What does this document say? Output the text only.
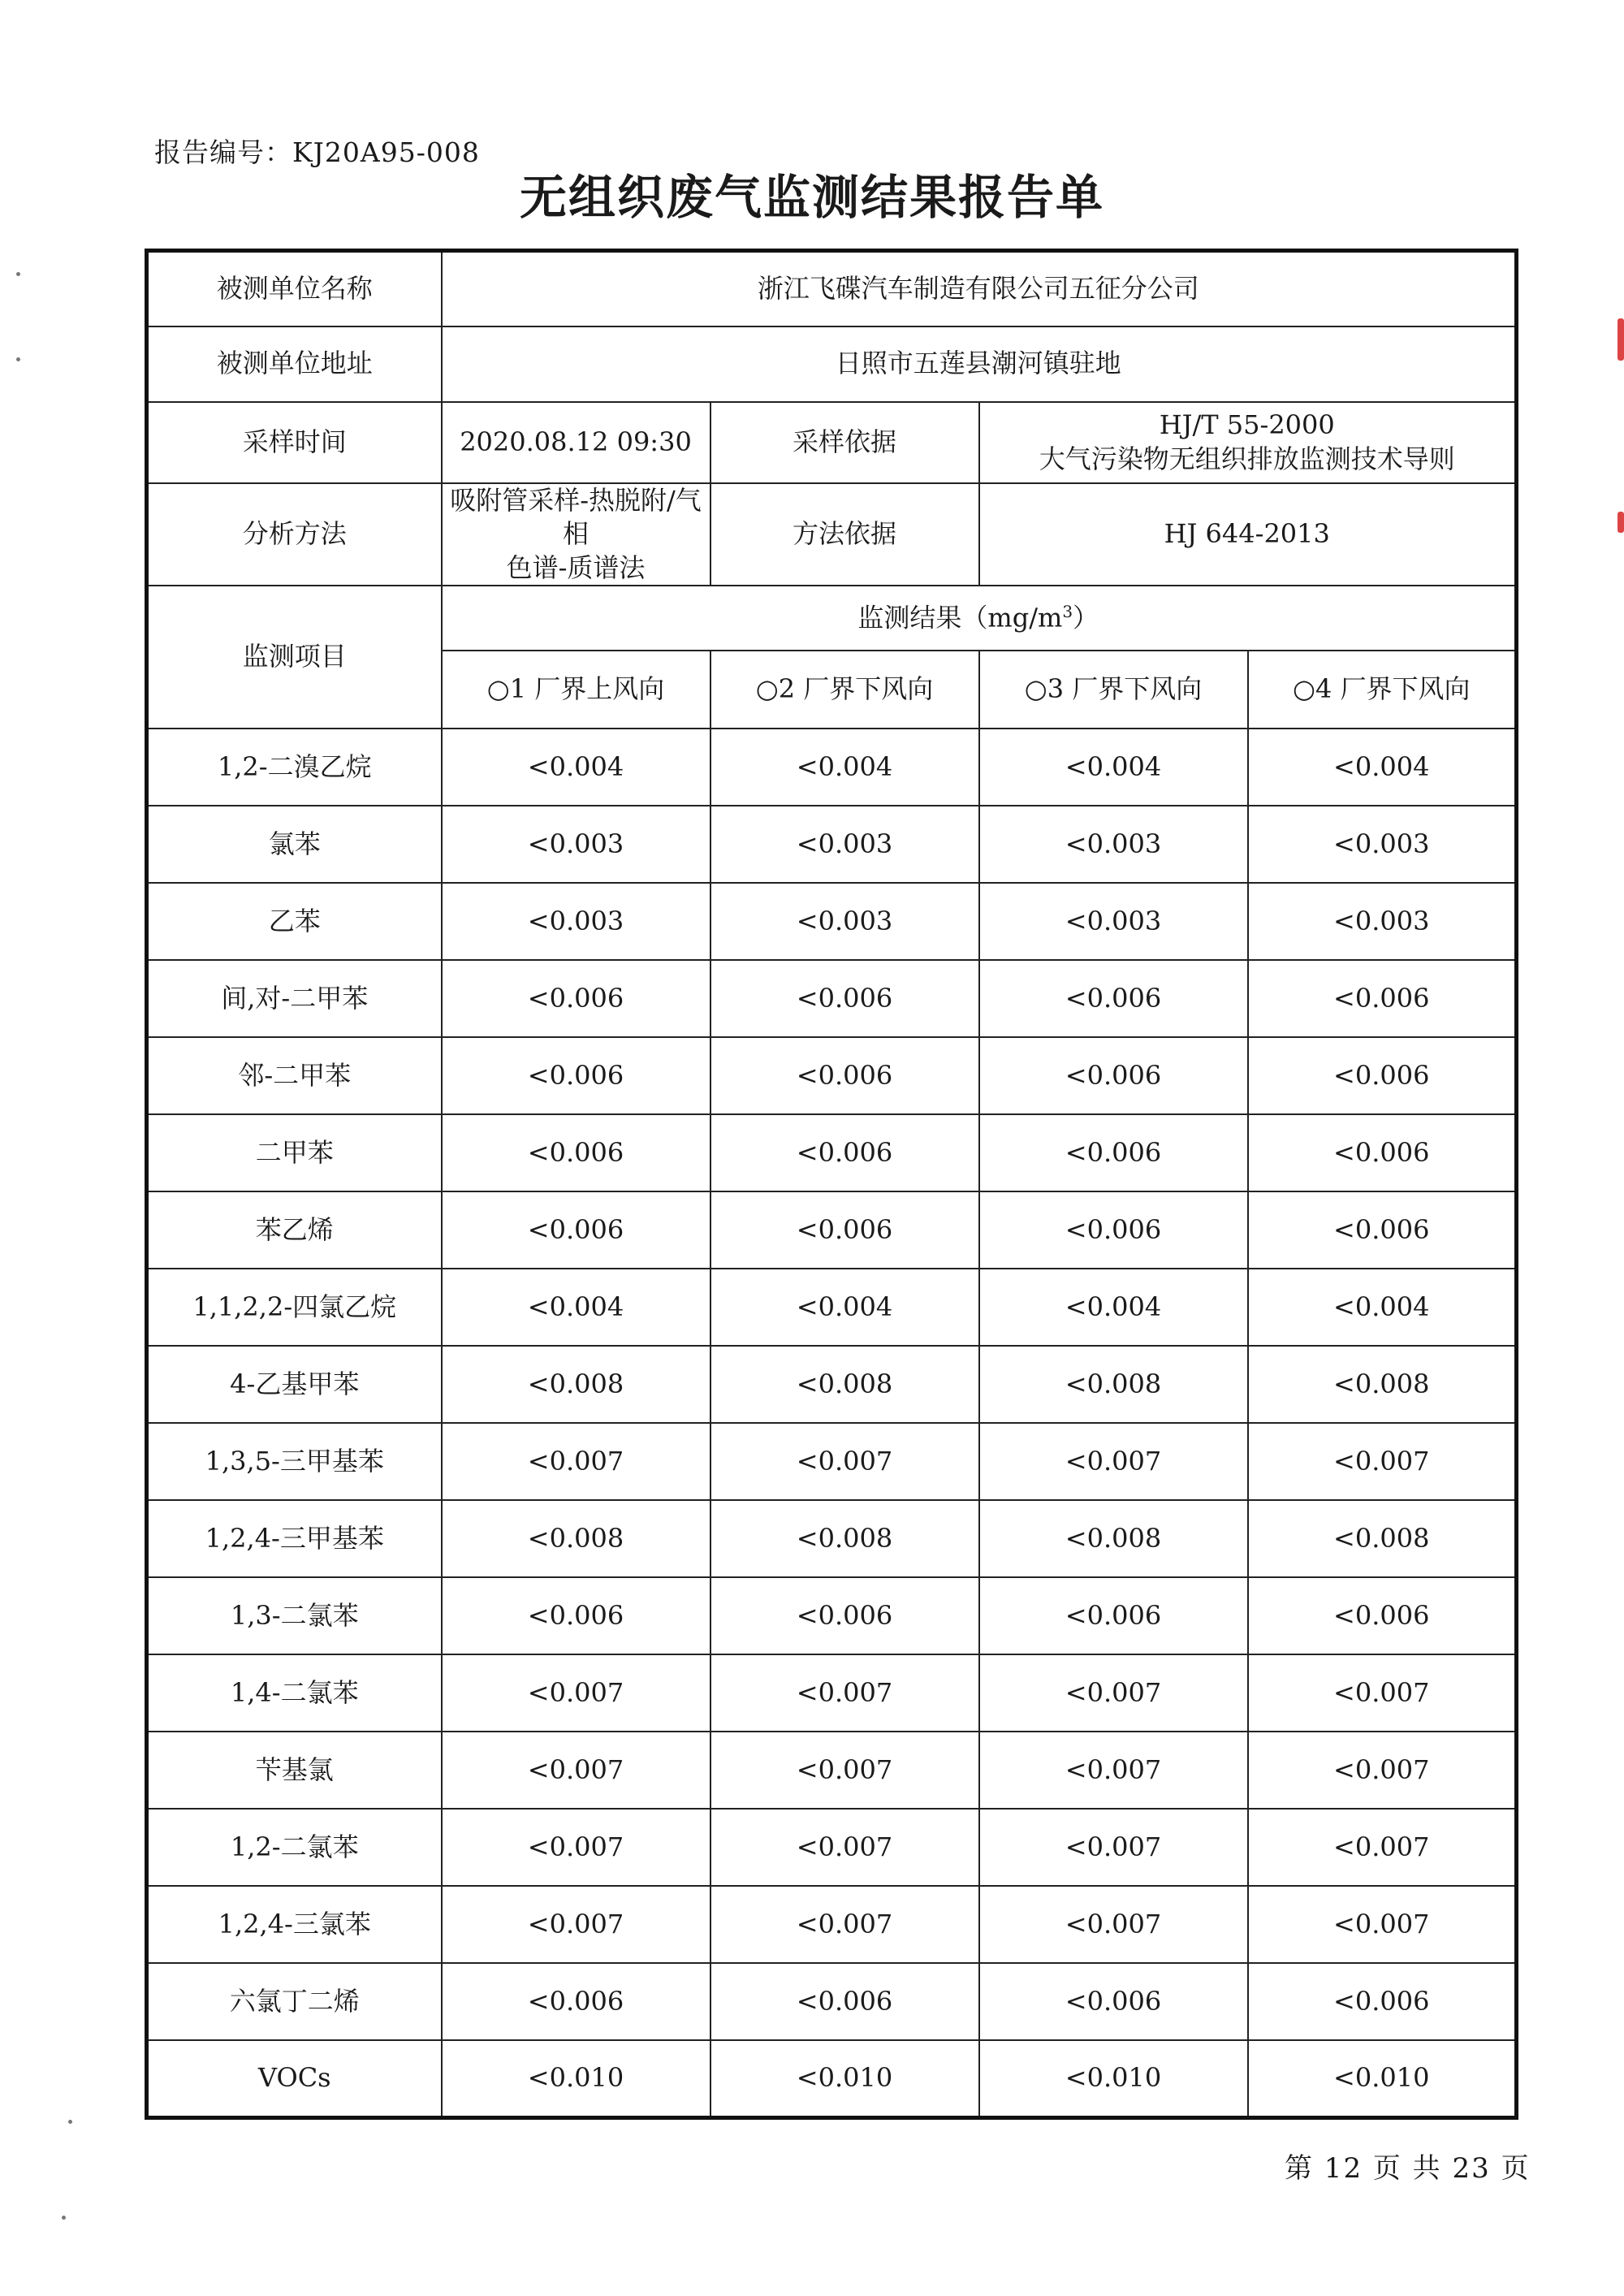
报告编号：KJ20A95-008
无组织废气监测结果报告单
被测单位名称	浙江飞碟汽车制造有限公司五征分公司			
被测单位地址	日照市五莲县潮河镇驻地			
采样时间	2020.08.12 09:30	采样依据	HJ/T 55-2000
大气污染物无组织排放监测技术导则	

分析方法	吸附管采样-热脱附/气相
色谱-质谱法	方法依据	HJ 644-2013	
监测项目	监测结果$(mg/m^3)$			
	○1 厂界上风向	○2 厂界下风向	○3 厂界下风向	○4 厂界下风向
1,2-二溴乙烷	<0.004	<0.004	<0.004	<0.004
氯苯	<0.003	<0.003	<0.003	<0.003
乙苯	<0.003	<0.003	<0.003	<0.003
间,对-二甲苯	<0.006	<0.006	<0.006	<0.006
邻-二甲苯	<0.006	<0.006	<0.006	<0.006
二甲苯	<0.006	<0.006	<0.006	<0.006
苯乙烯	<0.006	<0.006	<0.006	<0.006
1,1,2,2-四氯乙烷	<0.004	<0.004	<0.004	<0.004
4-乙基甲苯	<0.008	<0.008	<0.008	<0.008
1,3,5-三甲基苯	<0.007	<0.007	<0.007	<0.007
1,2,4-三甲基苯	<0.008	<0.008	<0.008	<0.008
1,3-二氯苯	<0.006	<0.006	<0.006	<0.006
1,4-二氯苯	<0.007	<0.007	<0.007	<0.007
苄基氯	<0.007	<0.007	<0.007	<0.007
1,2-二氯苯	<0.007	<0.007	<0.007	<0.007
1,2,4-三氯苯	<0.007	<0.007	<0.007	<0.007
六氯丁二烯	<0.006	<0.006	<0.006	<0.006
VOCs	<0.010	<0.010	<0.010	<0.010
第 12 页 共 23 页
